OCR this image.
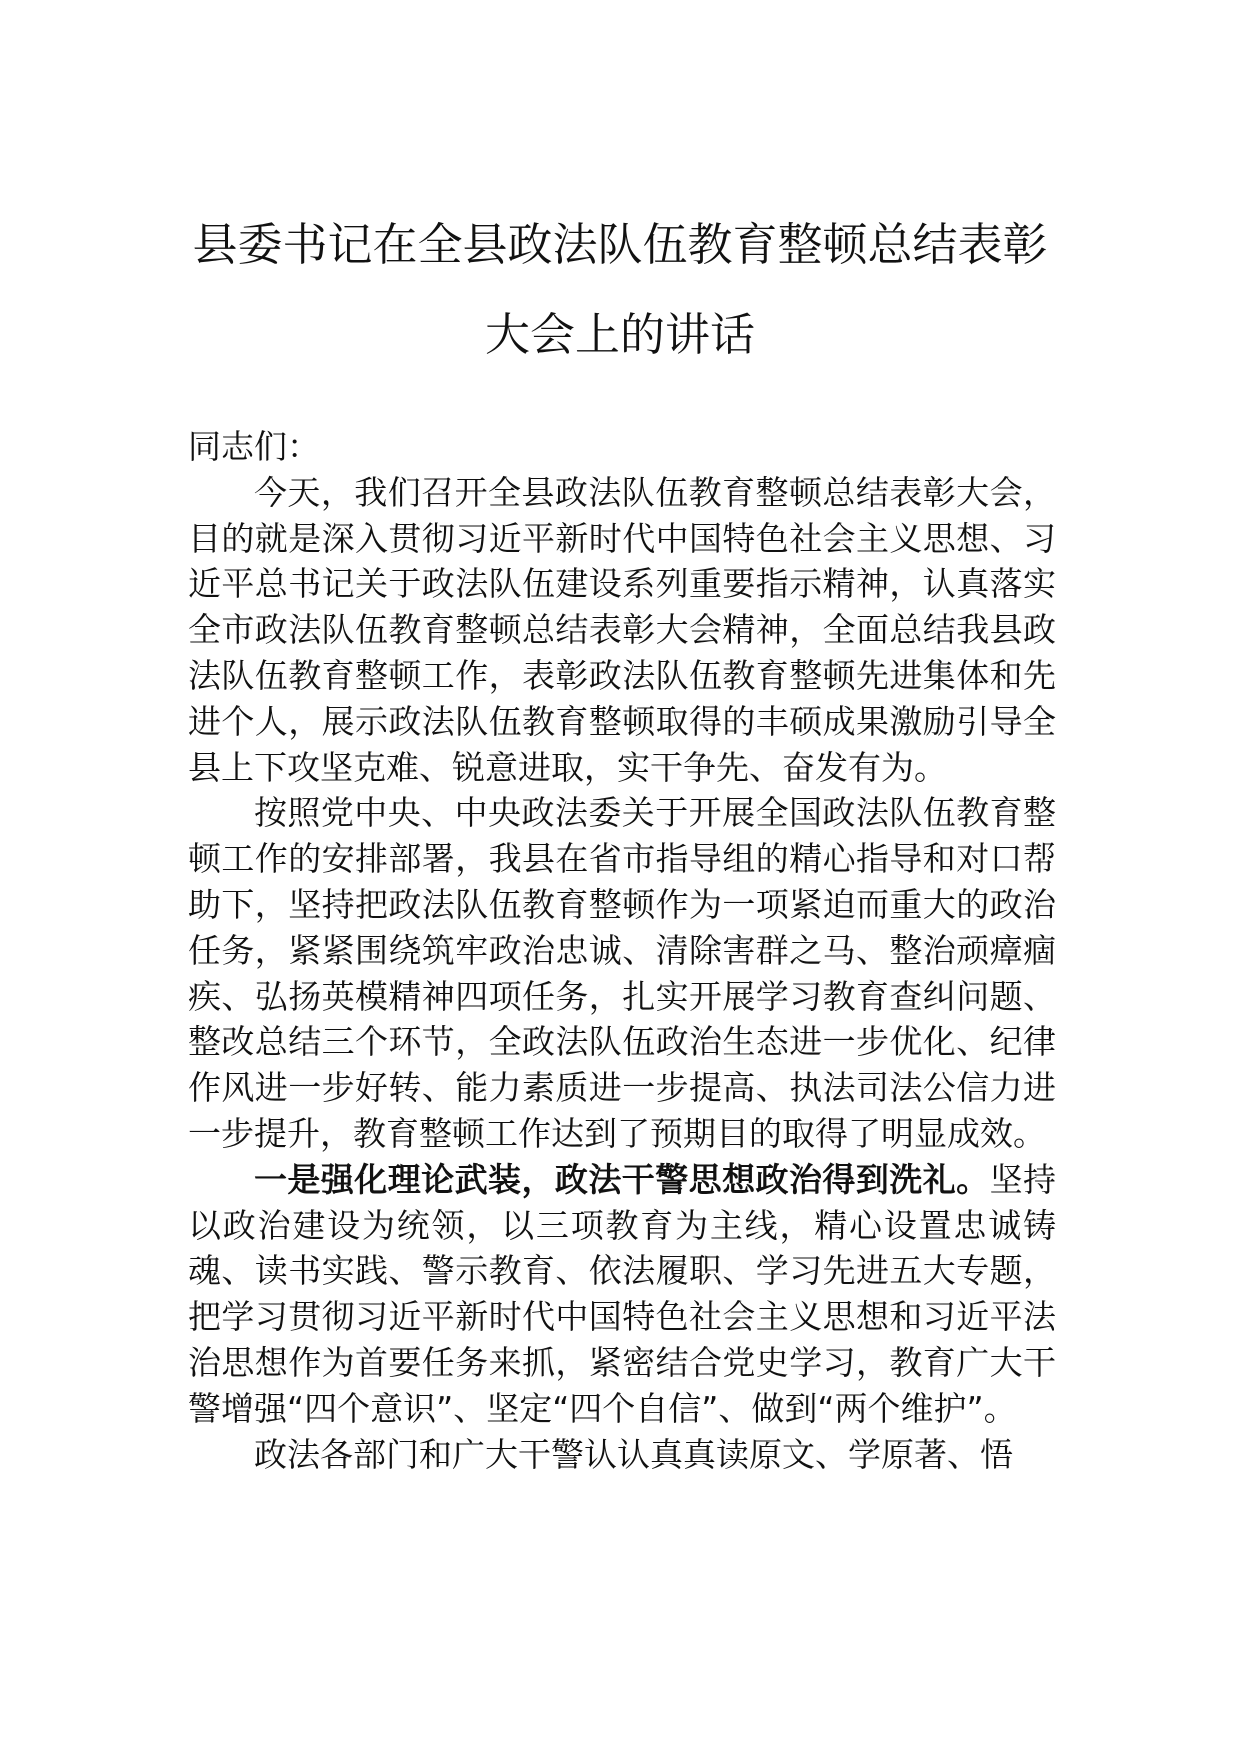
县委书记在全县政法队伍教育整顿总结表彰大会上的讲话

同志们：

今天，我们召开全县政法队伍教育整顿总结表彰大会，目的就是深入贯彻习近平新时代中国特色社会主义思想、习近平总书记关于政法队伍建设系列重要指示精神，认真落实全市政法队伍教育整顿总结表彰大会精神，全面总结我县政法队伍教育整顿工作，表彰政法队伍教育整顿先进集体和先进个人，展示政法队伍教育整顿取得的丰硕成果激励引导全县上下攻坚克难、锐意进取，实干争先、奋发有为。

按照党中央、中央政法委关于开展全国政法队伍教育整顿工作的安排部署，我县在省市指导组的精心指导和对口帮助下，坚持把政法队伍教育整顿作为一项紧迫而重大的政治任务，紧紧围绕筑牢政治忠诚、清除害群之马、整治顽瘴痼疾、弘扬英模精神四项任务，扎实开展学习教育查纠问题、整改总结三个环节，全政法队伍政治生态进一步优化、纪律作风进一步好转、能力素质进一步提高、执法司法公信力进一步提升，教育整顿工作达到了预期目的取得了明显成效。

一是强化理论武装，政法干警思想政治得到洗礼。坚持以政治建设为统领，以三项教育为主线，精心设置忠诚铸魂、读书实践、警示教育、依法履职、学习先进五大专题，把学习贯彻习近平新时代中国特色社会主义思想和习近平法治思想作为首要任务来抓，紧密结合党史学习，教育广大干警增强“四个意识”、坚定“四个自信”、做到“两个维护”。

政法各部门和广大干警认认真真读原文、学原著、悟
